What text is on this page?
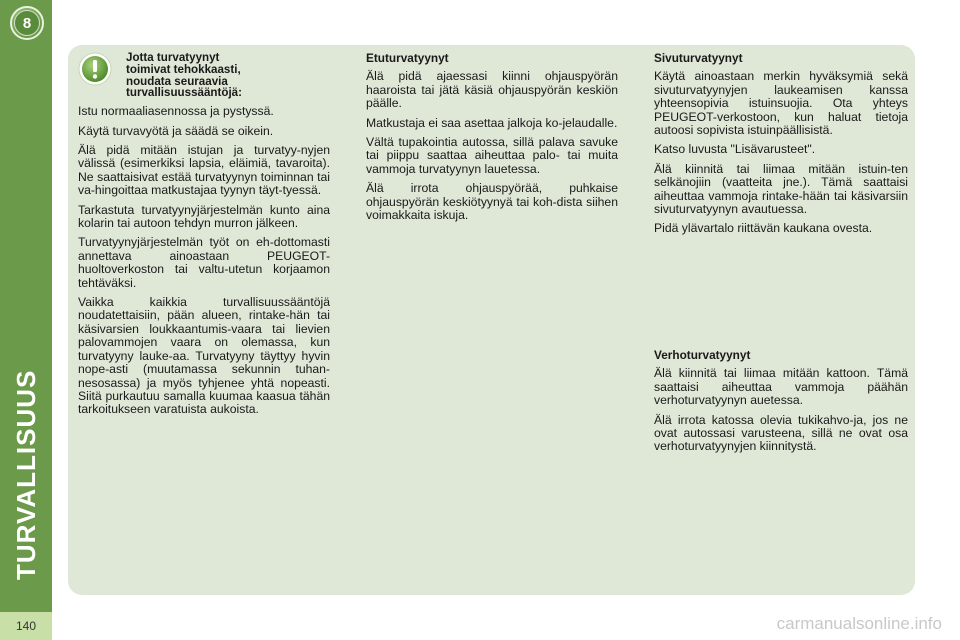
8
TURVALLISUUS
140
Jotta turvatyynyt
toimivat tehokkaasti,
noudata seuraavia
turvallisuussääntöjä:

Istu normaaliasennossa ja pystyssä.

Käytä turvavyötä ja säädä se oikein.

Älä pidä mitään istujan ja turvatyy-nyjen välissä (esimerkiksi lapsia, eläimiä, tavaroita). Ne saattaisivat estää turvatyynyn toiminnan tai va-hingoittaa matkustajaa tyynyn täyt-tyessä.

Tarkastuta turvatyynyjärjestelmän kunto aina kolarin tai autoon tehdyn murron jälkeen.

Turvatyynyjärjestelmän työt on eh-dottomasti annettava ainoastaan PEUGEOT-huoltoverkoston tai valtu-utetun korjaamon tehtäväksi.

Vaikka kaikkia turvallisuussääntöjä noudatettaisiin, pään alueen, rintake-hän tai käsivarsien loukkaantumis-vaara tai lievien palovammojen vaara on olemassa, kun turvatyyny lauke-aa. Turvatyyny täyttyy hyvin nope-asti (muutamassa sekunnin tuhan-nesosassa) ja myös tyhjenee yhtä nopeasti. Siitä purkautuu samalla kuumaa kaasua tähän tarkoitukseen varatuista aukoista.

Etuturvatyynyt

Älä pidä ajaessasi kiinni ohjauspyörän haaroista tai jätä käsiä ohjauspyörän keskiön päälle.

Matkustaja ei saa asettaa jalkoja ko-jelaudalle.

Vältä tupakointia autossa, sillä palava savuke tai piippu saattaa aiheuttaa palo- tai muita vammoja turvatyynyn lauetessa.

Älä irrota ohjauspyörää, puhkaise ohjauspyörän keskiötyynyä tai koh-dista siihen voimakkaita iskuja.

Sivuturvatyynyt

Käytä ainoastaan merkin hyväksymiä sekä sivuturvatyynyjen laukeamisen kanssa yhteensopivia istuinsuojia. Ota yhteys PEUGEOT-verkostoon, kun haluat tietoja autoosi sopivista istuinpäällisistä.

Katso luvusta "Lisävarusteet".

Älä kiinnitä tai liimaa mitään istuin-ten selkänojiin (vaatteita jne.). Tämä saattaisi aiheuttaa vammoja rintake-hään tai käsivarsiin sivuturvatyynyn avautuessa.

Pidä ylävartalo riittävän kaukana ovesta.

Verhoturvatyynyt

Älä kiinnitä tai liimaa mitään kattoon. Tämä saattaisi aiheuttaa vammoja päähän verhoturvatyynyn auetessa.

Älä irrota katossa olevia tukikahvo-ja, jos ne ovat autossasi varusteena, sillä ne ovat osa verhoturvatyynyjen kiinnitystä.

carmanualsonline.info
